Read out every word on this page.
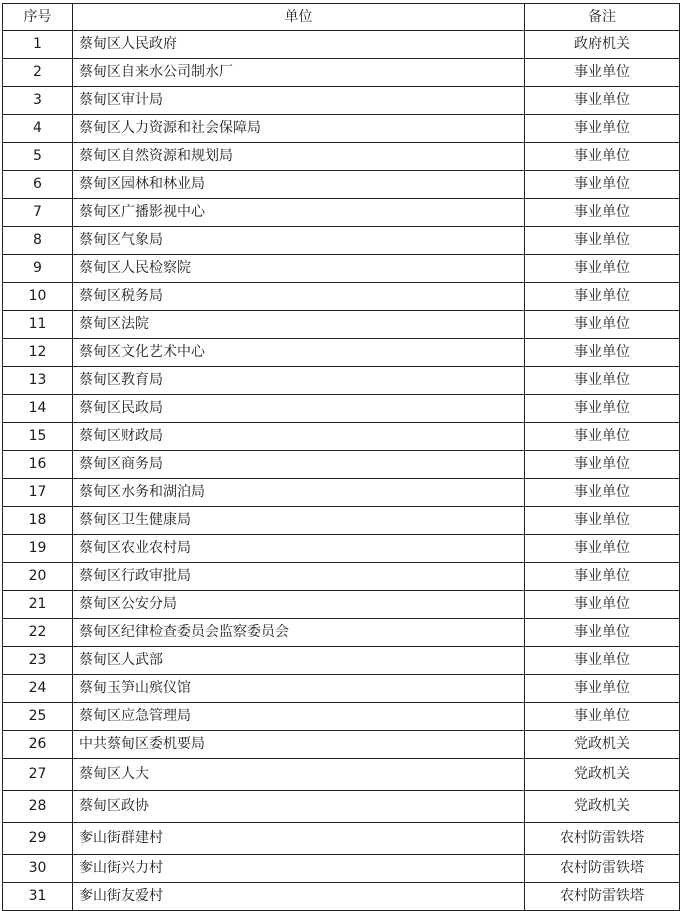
序号	单位	备注
1	蔡甸区人民政府	政府机关
2	蔡甸区自来水公司制水厂	事业单位
3	蔡甸区审计局	事业单位
4	蔡甸区人力资源和社会保障局	事业单位
5	蔡甸区自然资源和规划局	事业单位
6	蔡甸区园林和林业局	事业单位
7	蔡甸区广播影视中心	事业单位
8	蔡甸区气象局	事业单位
9	蔡甸区人民检察院	事业单位
10	蔡甸区税务局	事业单位
11	蔡甸区法院	事业单位
12	蔡甸区文化艺术中心	事业单位
13	蔡甸区教育局	事业单位
14	蔡甸区民政局	事业单位
15	蔡甸区财政局	事业单位
16	蔡甸区商务局	事业单位
17	蔡甸区水务和湖泊局	事业单位
18	蔡甸区卫生健康局	事业单位
19	蔡甸区农业农村局	事业单位
20	蔡甸区行政审批局	事业单位
21	蔡甸区公安分局	事业单位
22	蔡甸区纪律检查委员会监察委员会	事业单位
23	蔡甸区人武部	事业单位
24	蔡甸玉笋山殡仪馆	事业单位
25	蔡甸区应急管理局	事业单位
26	中共蔡甸区委机要局	党政机关
27	蔡甸区人大	党政机关
28	蔡甸区政协	党政机关
29	奓山街群建村	农村防雷铁塔
30	奓山街兴力村	农村防雷铁塔
31	奓山街友爱村	农村防雷铁塔
